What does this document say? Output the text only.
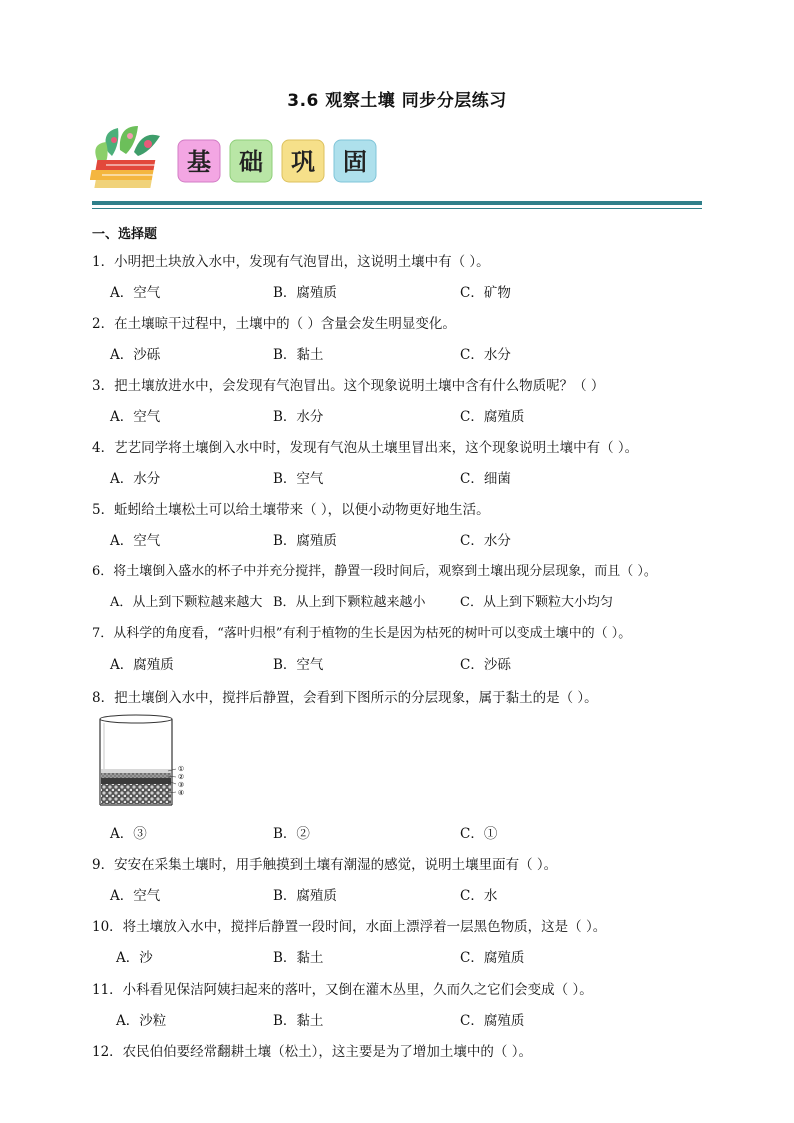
3.6 观察土壤 同步分层练习
基 础 巩 固
一、选择题
1．小明把土块放入水中，发现有气泡冒出，这说明土壤中有（ ）。
A．空气	B．腐殖质	C．矿物
2．在土壤晾干过程中，土壤中的（ ）含量会发生明显变化。
A．沙砾	B．黏土	C．水分
3．把土壤放进水中，会发现有气泡冒出。这个现象说明土壤中含有什么物质呢？（ ）
A．空气	B．水分	C．腐殖质
4．艺艺同学将土壤倒入水中时，发现有气泡从土壤里冒出来，这个现象说明土壤中有（ ）。
A．水分	B．空气	C．细菌
5．蚯蚓给土壤松土可以给土壤带来（ ），以便小动物更好地生活。
A．空气	B．腐殖质	C．水分
6．将土壤倒入盛水的杯子中并充分搅拌，静置一段时间后，观察到土壤出现分层现象，而且（ ）。
A．从上到下颗粒越来越大 B．从上到下颗粒越来越小	C．从上到下颗粒大小均匀
7．从科学的角度看，“落叶归根”有利于植物的生长是因为枯死的树叶可以变成土壤中的（ ）。
A．腐殖质	B．空气	C．沙砾
8．把土壤倒入水中，搅拌后静置，会看到下图所示的分层现象，属于黏土的是（ ）。
①
②
③
④
A．③	B．②	C．①
9．安安在采集土壤时，用手触摸到土壤有潮湿的感觉，说明土壤里面有（ ）。
A．空气	B．腐殖质	C．水
10．将土壤放入水中，搅拌后静置一段时间，水面上漂浮着一层黑色物质，这是（ ）。
A．沙	B．黏土	C．腐殖质
11．小科看见保洁阿姨扫起来的落叶，又倒在灌木丛里，久而久之它们会变成（ ）。
A．沙粒	B．黏土	C．腐殖质
12．农民伯伯要经常翻耕土壤（松土），这主要是为了增加土壤中的（ ）。
